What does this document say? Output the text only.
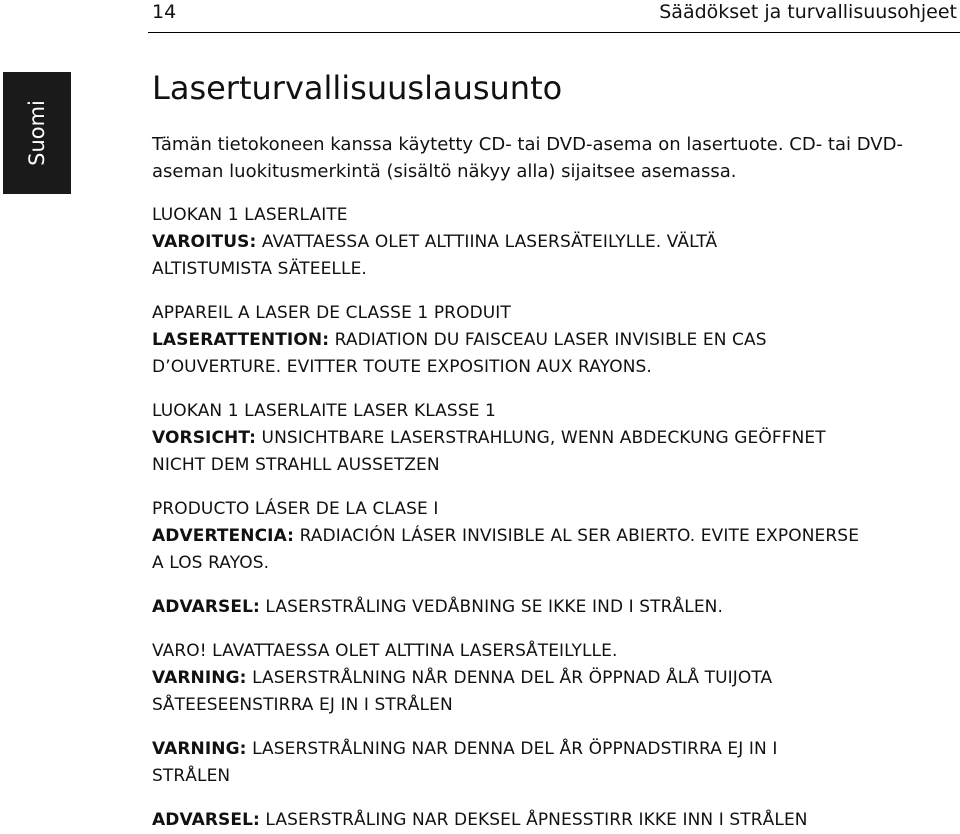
14	Säädökset ja turvallisuusohjeet
Suomi
Laserturvallisuuslausunto

Tämän tietokoneen kanssa käytetty CD- tai DVD-asema on lasertuote. CD- tai DVD-aseman luokitusmerkintä (sisältö näkyy alla) sijaitsee asemassa.

LUOKAN 1 LASERLAITE
VAROITUS: AVATTAESSA OLET ALTTIINA LASERSÄTEILYLLE. VÄLTÄ
ALTISTUMISTA SÄTEELLE.
APPAREIL A LASER DE CLASSE 1 PRODUIT
LASERATTENTION: RADIATION DU FAISCEAU LASER INVISIBLE EN CAS
D’OUVERTURE. EVITTER TOUTE EXPOSITION AUX RAYONS.
LUOKAN 1 LASERLAITE LASER KLASSE 1
VORSICHT: UNSICHTBARE LASERSTRAHLUNG, WENN ABDECKUNG GEÖFFNET
NICHT DEM STRAHLL AUSSETZEN
PRODUCTO LÁSER DE LA CLASE I
ADVERTENCIA: RADIACIÓN LÁSER INVISIBLE AL SER ABIERTO. EVITE EXPONERSE
A LOS RAYOS.
ADVARSEL: LASERSTRÅLING VEDÅBNING SE IKKE IND I STRÅLEN.
VARO! LAVATTAESSA OLET ALTTINA LASERSÅTEILYLLE.
VARNING: LASERSTRÅLNING NÅR DENNA DEL ÅR ÖPPNAD ÅLÅ TUIJOTA
SÅTEESEENSTIRRA EJ IN I STRÅLEN
VARNING: LASERSTRÅLNING NAR DENNA DEL ÅR ÖPPNADSTIRRA EJ IN I
STRÅLEN
ADVARSEL: LASERSTRÅLING NAR DEKSEL ÅPNESSTIRR IKKE INN I STRÅLEN
